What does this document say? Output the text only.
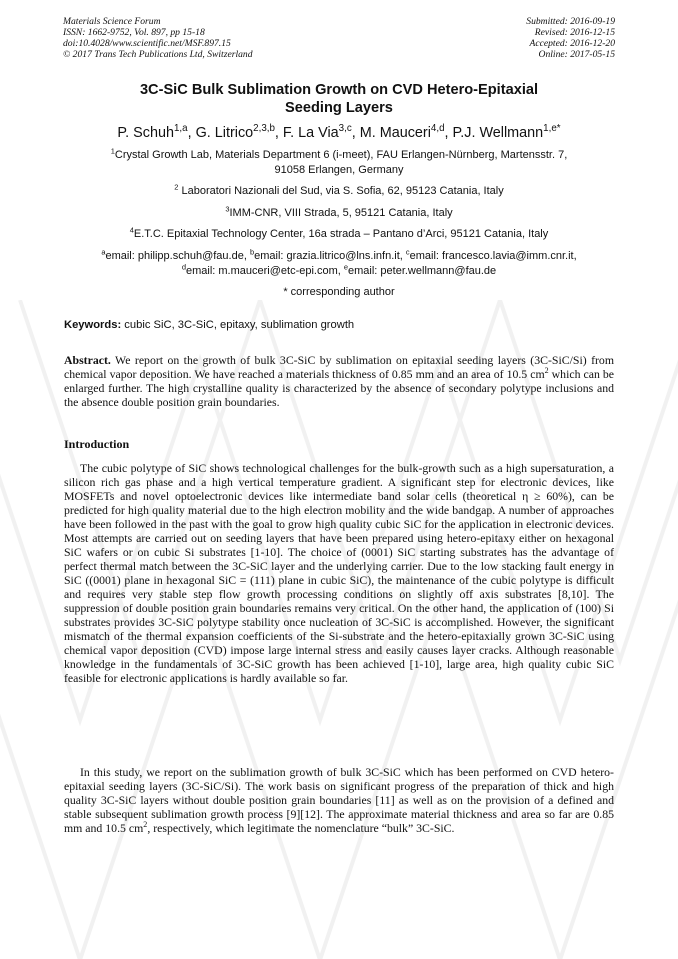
Materials Science Forum
ISSN: 1662-9752, Vol. 897, pp 15-18
doi:10.4028/www.scientific.net/MSF.897.15
© 2017 Trans Tech Publications Ltd, Switzerland
Submitted: 2016-09-19
Revised: 2016-12-15
Accepted: 2016-12-20
Online: 2017-05-15
3C-SiC Bulk Sublimation Growth on CVD Hetero-Epitaxial
Seeding Layers
P. Schuh$^{1,a}$, G. Litrico$^{2,3,b}$, F. La Via$^{3,c}$, M. Mauceri$^{4,d}$, P.J. Wellmann$^{1,e*}$
$^1$Crystal Growth Lab, Materials Department 6 (i-meet), FAU Erlangen-Nürnberg, Martensstr. 7,
91058 Erlangen, Germany
$^2$ Laboratori Nazionali del Sud, via S. Sofia, 62, 95123 Catania, Italy
$^3$IMM-CNR, VIII Strada, 5, 95121 Catania, Italy
$^4$E.T.C. Epitaxial Technology Center, 16a strada – Pantano d’Arci, 95121 Catania, Italy
$^a$email: philipp.schuh@fau.de, $^b$email: grazia.litrico@lns.infn.it, $^c$email: francesco.lavia@imm.cnr.it,
$^d$email: m.mauceri@etc-epi.com, $^e$email: peter.wellmann@fau.de
* corresponding author
Keywords: cubic SiC, 3C-SiC, epitaxy, sublimation growth
Abstract. We report on the growth of bulk 3C-SiC by sublimation on epitaxial seeding layers (3C-SiC/Si) from chemical vapor deposition. We have reached a materials thickness of 0.85 mm and an area of 10.5 $cm^2$ which can be enlarged further. The high crystalline quality is characterized by the absence of secondary polytype inclusions and the absence double position grain boundaries.
Introduction

The cubic polytype of SiC shows technological challenges for the bulk-growth such as a high supersaturation, a silicon rich gas phase and a high vertical temperature gradient. A significant step for electronic devices, like MOSFETs and novel optoelectronic devices like intermediate band solar cells (theoretical η ≥ 60%), can be predicted for high quality material due to the high electron mobility and the wide bandgap. A number of approaches have been followed in the past with the goal to grow high quality cubic SiC for the application in electronic devices. Most attempts are carried out on seeding layers that have been prepared using hetero-epitaxy either on hexagonal SiC wafers or on cubic Si substrates [1-10]. The choice of (0001) SiC starting substrates has the advantage of perfect thermal match between the 3C-SiC layer and the underlying carrier. Due to the low stacking fault energy in SiC ((0001) plane in hexagonal SiC = (111) plane in cubic SiC), the maintenance of the cubic polytype is difficult and requires very stable step flow growth processing conditions on slightly off axis substrates [8,10]. The suppression of double position grain boundaries remains very critical. On the other hand, the application of (100) Si substrates provides 3C-SiC polytype stability once nucleation of 3C-SiC is accomplished. However, the significant mismatch of the thermal expansion coefficients of the Si-substrate and the hetero-epitaxially grown 3C-SiC using chemical vapor deposition (CVD) impose large internal stress and easily causes layer cracks. Although reasonable knowledge in the fundamentals of 3C-SiC growth has been achieved [1-10], large area, high quality cubic SiC feasible for electronic applications is hardly available so far.

In this study, we report on the sublimation growth of bulk 3C-SiC which has been performed on CVD hetero-epitaxial seeding layers (3C-SiC/Si). The work basis on significant progress of the preparation of thick and high quality 3C-SiC layers without double position grain boundaries [11] as well as on the provision of a defined and stable subsequent sublimation growth process [9][12]. The approximate material thickness and area so far are 0.85 mm and 10.5 $cm^2$, respectively, which legitimate the nomenclature “bulk” 3C-SiC.
